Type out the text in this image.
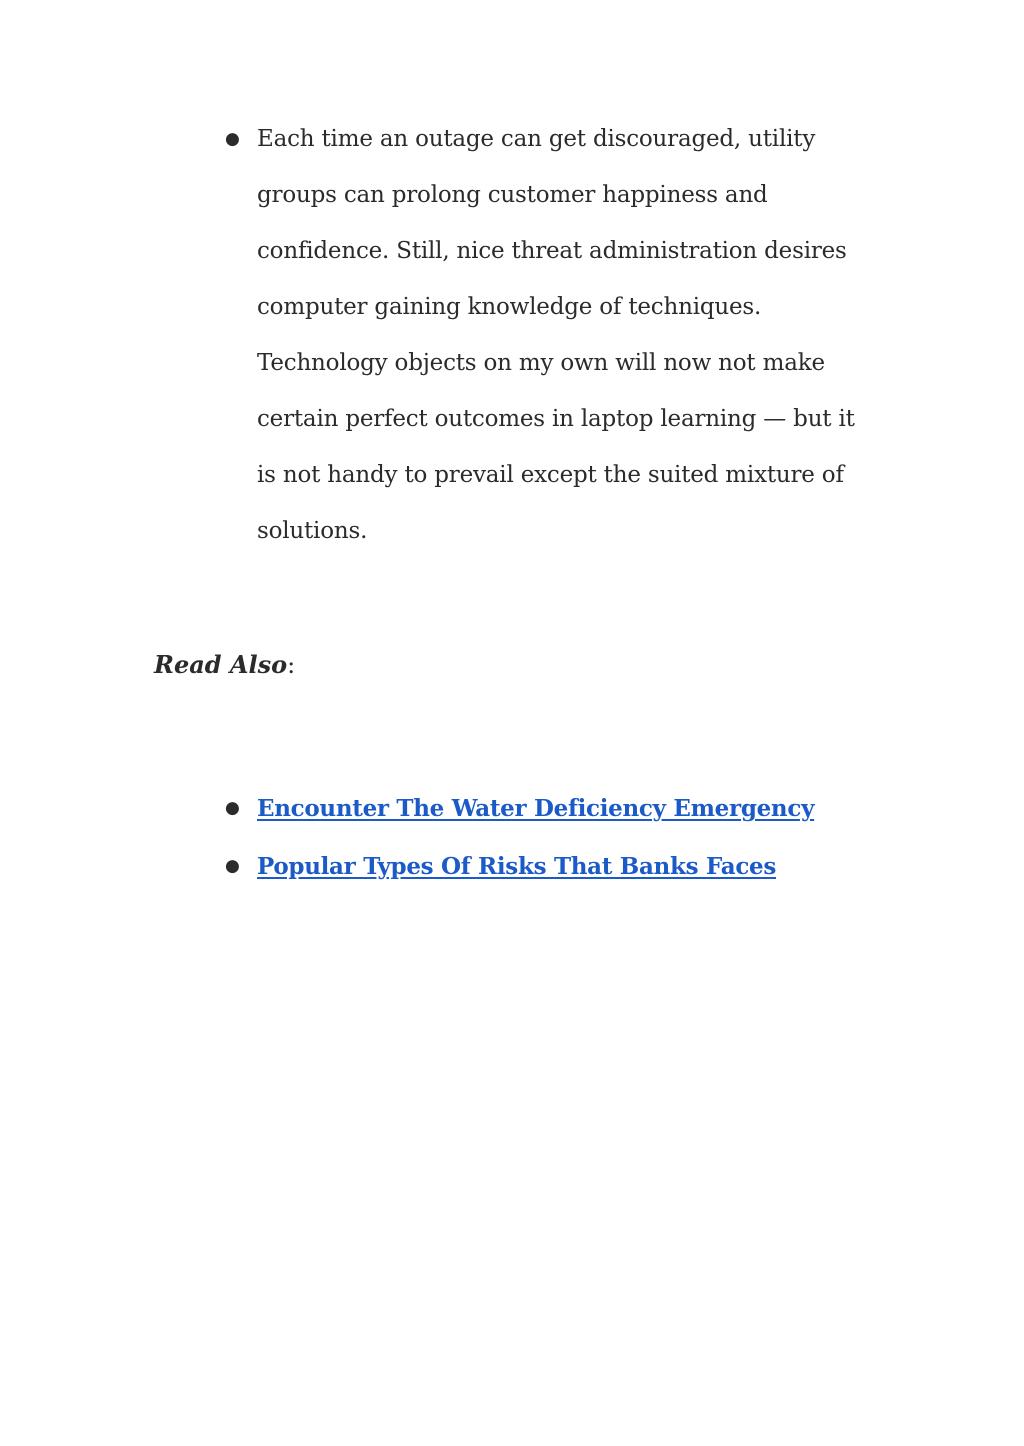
● Each time an outage can get discouraged, utility groups can prolong customer happiness and confidence. Still, nice threat administration desires computer gaining knowledge of techniques. Technology objects on my own will now not make certain perfect outcomes in laptop learning — but it is not handy to prevail except the suited mixture of solutions.

Read Also:

● Encounter The Water Deficiency Emergency
● Popular Types Of Risks That Banks Faces
